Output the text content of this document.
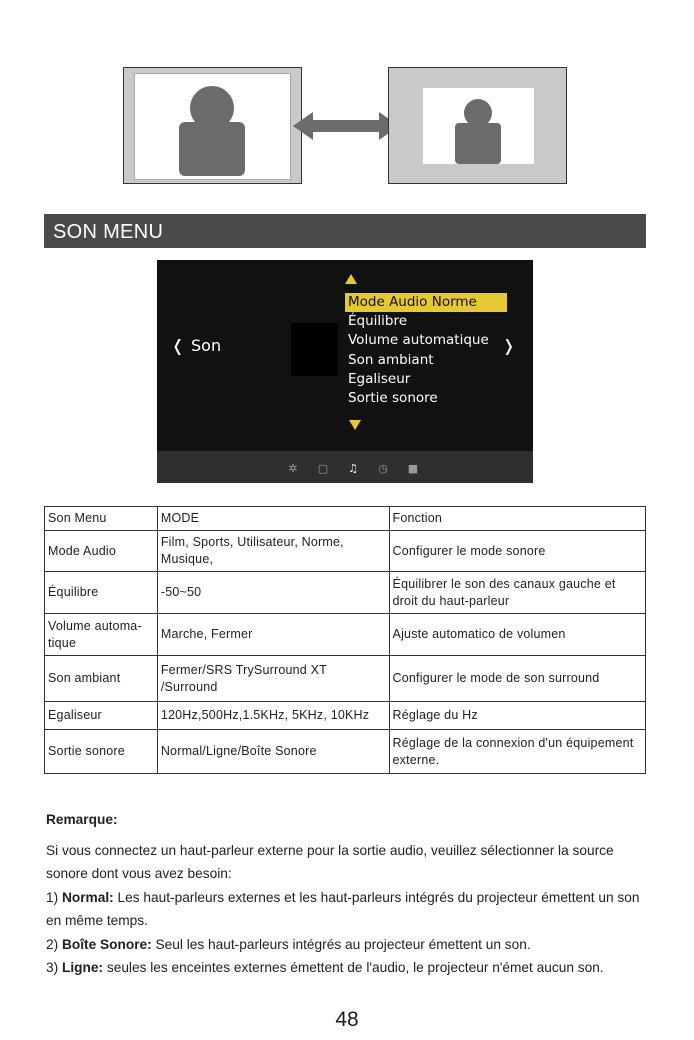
SON MENU
❬ Son
Mode Audio Norme
Équilibre
Volume automatique
Son ambiant
Egaliseur
Sortie sonore
❭
✲	▢ ♫ ◷ ■
Son Menu	MODE	Fonction
Mode Audio	Film, Sports, Utilisateur, Norme, Musique,	Configurer le mode sonore
Équilibre	-50~50	Équilibrer le son des canaux gauche et droit du haut-parleur
Volume automa-tique	Marche, Fermer	Ajuste automatico de volumen
Son ambiant	Fermer/SRS TrySurround XT /Surround	Configurer le mode de son surround
Egaliseur	120Hz,500Hz,1.5KHz, 5KHz, 10KHz	Réglage du Hz
Sortie sonore	Normal/Ligne/Boîte Sonore	Réglage de la connexion d'un équipement externe.

Remarque:

Si vous connectez un haut-parleur externe pour la sortie audio, veuillez sélectionner la source sonore dont vous avez besoin:

1) Normal: Les haut-parleurs externes et les haut-parleurs intégrés du projecteur émettent un son en même temps.

2) Boîte Sonore: Seul les haut-parleurs intégrés au projecteur émettent un son.

3) Ligne: seules les enceintes externes émettent de l'audio, le projecteur n'émet aucun son.

48
